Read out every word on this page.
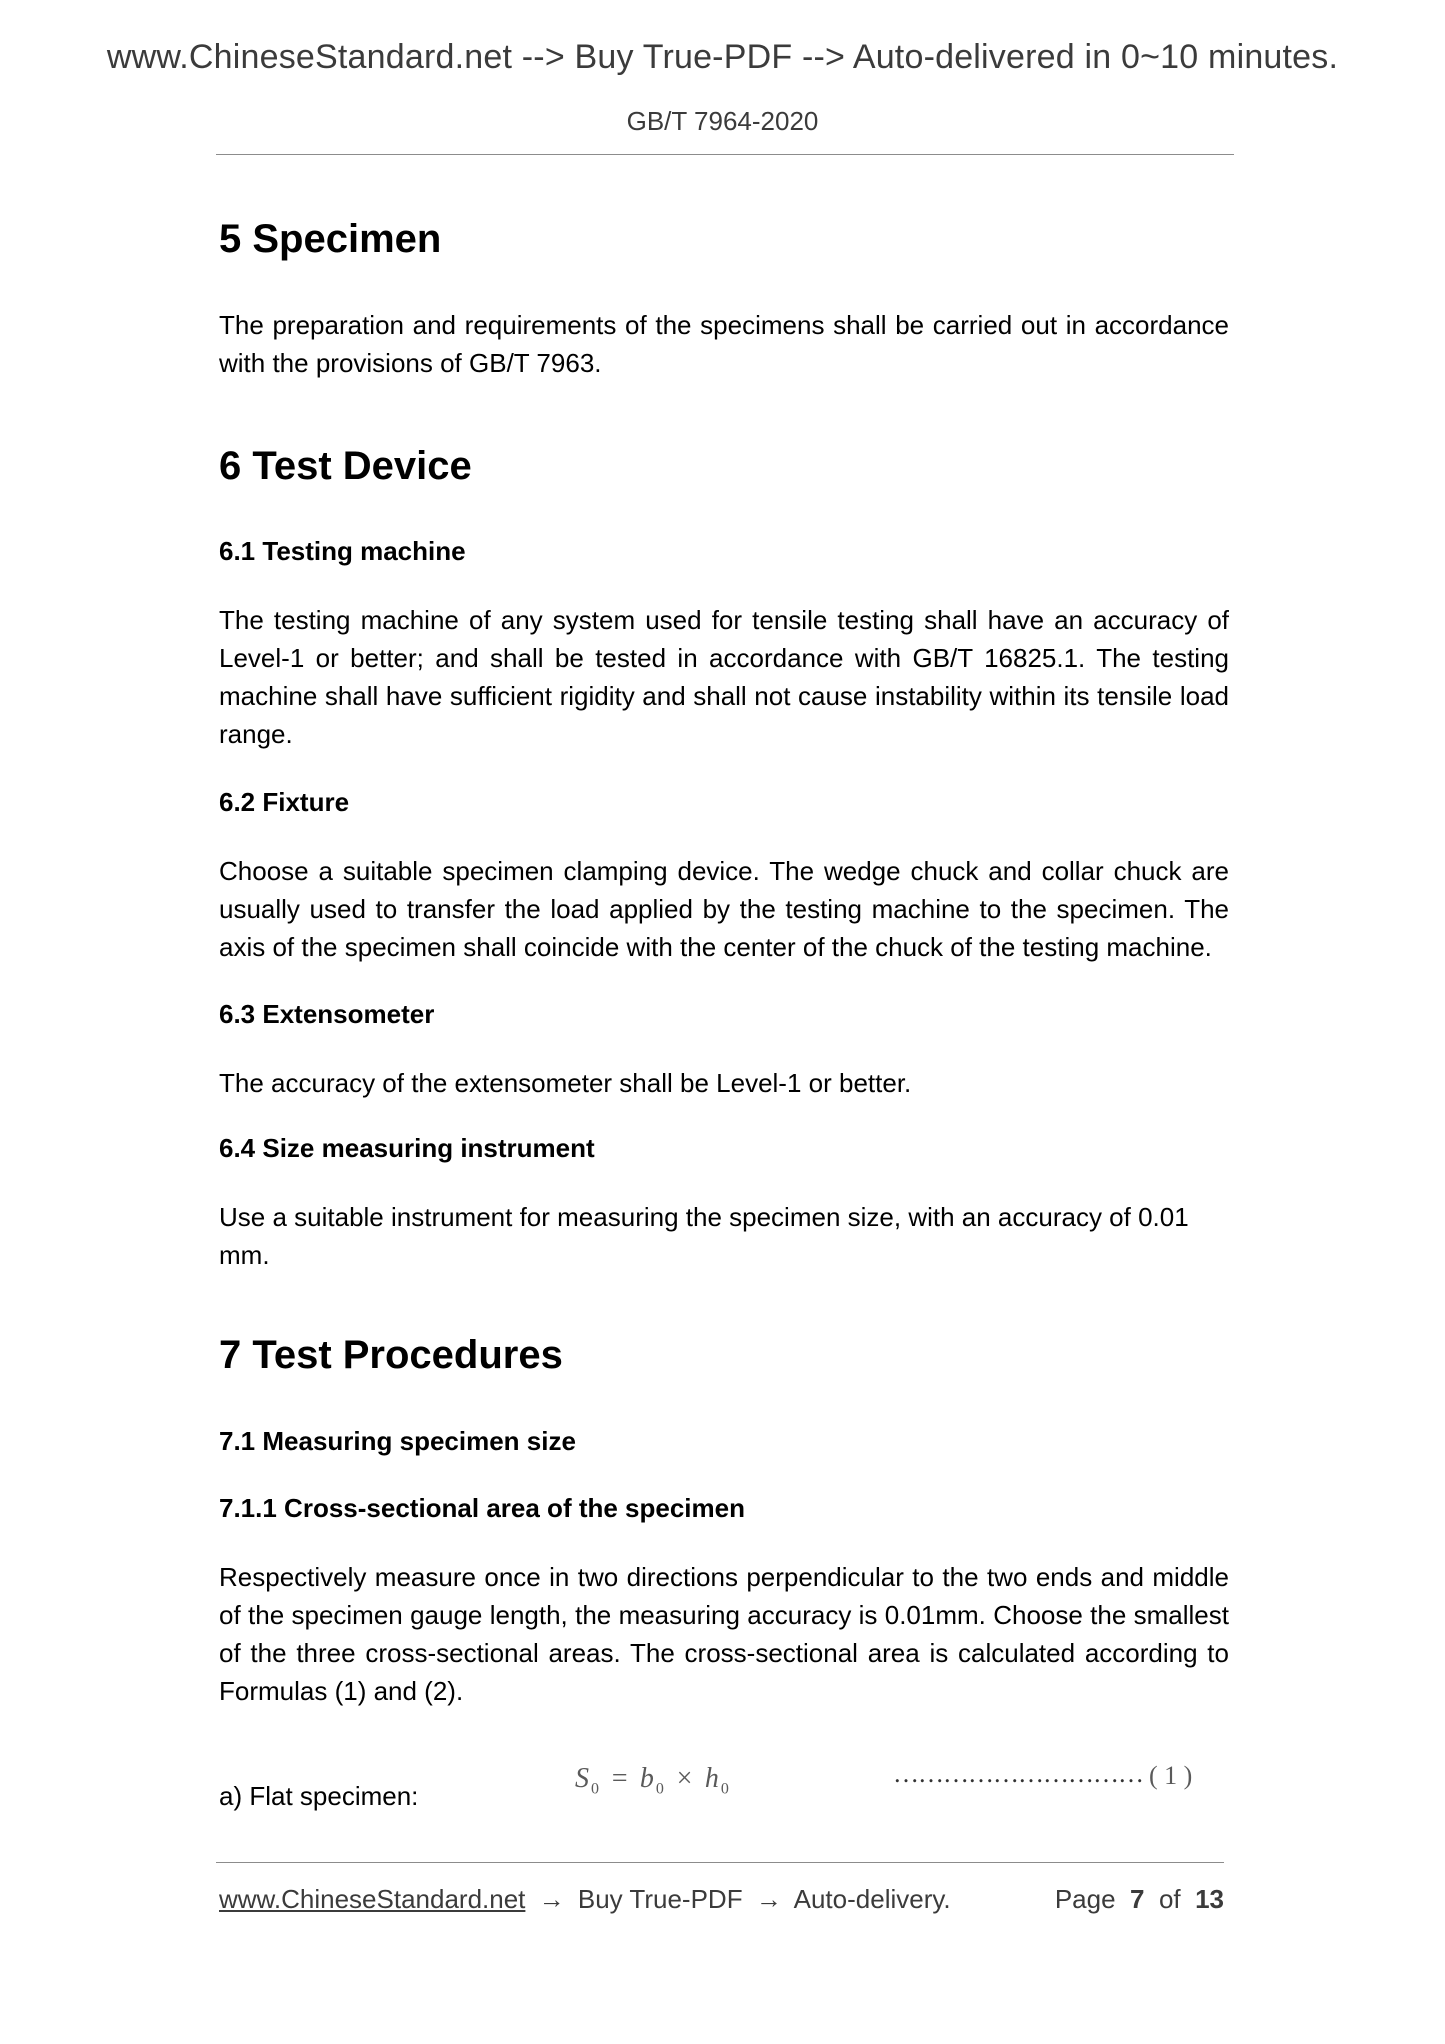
www.ChineseStandard.net --> Buy True-PDF --> Auto-delivered in 0~10 minutes.
GB/T 7964-2020
5 Specimen
The preparation and requirements of the specimens shall be carried out in accordance with the provisions of GB/T 7963.
6 Test Device
6.1 Testing machine
The testing machine of any system used for tensile testing shall have an accuracy of Level-1 or better; and shall be tested in accordance with GB/T 16825.1. The testing machine shall have sufficient rigidity and shall not cause instability within its tensile load range.
6.2 Fixture
Choose a suitable specimen clamping device. The wedge chuck and collar chuck are usually used to transfer the load applied by the testing machine to the specimen. The axis of the specimen shall coincide with the center of the chuck of the testing machine.
6.3 Extensometer
The accuracy of the extensometer shall be Level-1 or better.
6.4 Size measuring instrument
Use a suitable instrument for measuring the specimen size, with an accuracy of 0.01 mm.
7 Test Procedures
7.1 Measuring specimen size
7.1.1 Cross-sectional area of the specimen
Respectively measure once in two directions perpendicular to the two ends and middle of the specimen gauge length, the measuring accuracy is 0.01mm. Choose the smallest of the three cross-sectional areas. The cross-sectional area is calculated according to Formulas (1) and (2).
a) Flat specimen:
$S_0 = b_0 \times h_0$
………………………… ( 1 )
www.ChineseStandard.net → Buy True-PDF → Auto-delivery.	Page 7 of 13
